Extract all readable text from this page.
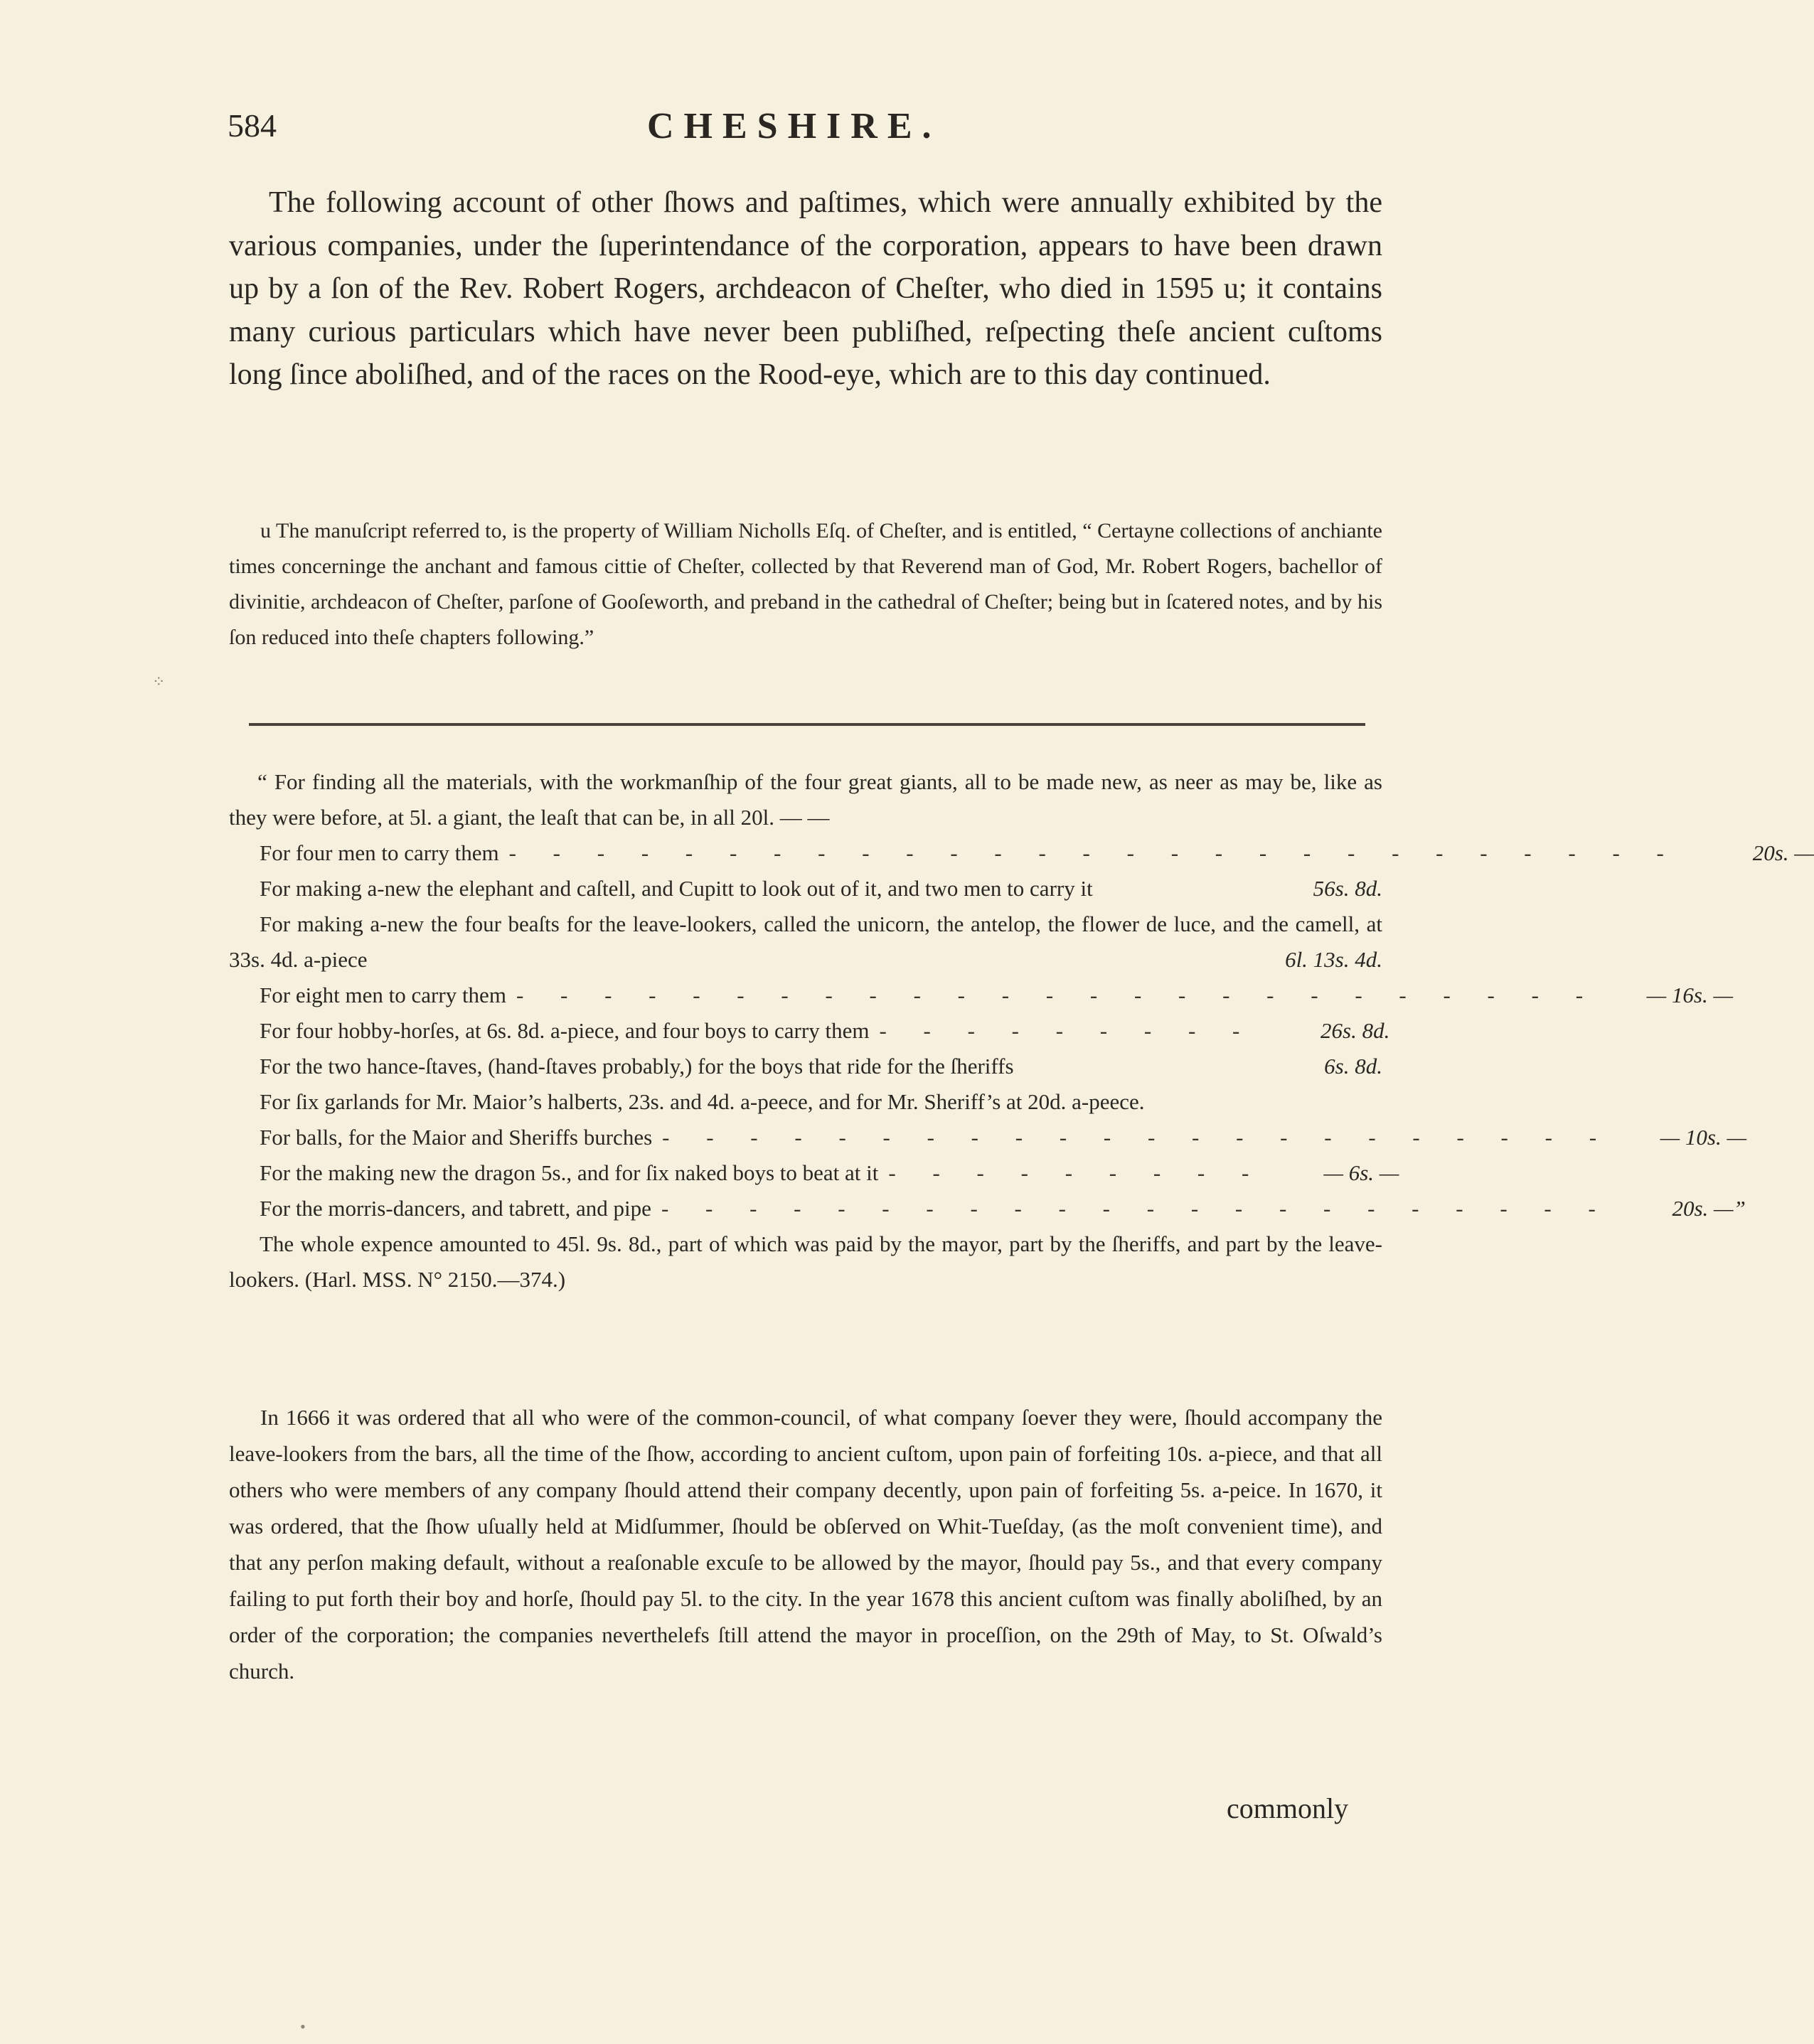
584	CHESHIRE.

The following account of other ſhows and paſtimes, which were annually exhibited by the various companies, under the ſuperintendance of the corporation, appears to have been drawn up by a ſon of the Rev. Robert Rogers, archdeacon of Cheſter, who died in 1595 u; it contains many curious particulars which have never been publiſhed, reſpecting theſe ancient cuſtoms long ſince aboliſhed, and of the races on the Rood-eye, which are to this day continued.

u The manuſcript referred to, is the property of William Nicholls Eſq. of Cheſter, and is entitled, “ Certayne collections of anchiante times concerninge the anchant and famous cittie of Cheſter, collected by that Reverend man of God, Mr. Robert Rogers, bachellor of divinitie, archdeacon of Cheſter, parſone of Gooſeworth, and preband in the cathedral of Cheſter; being but in ſcatered notes, and by his ſon reduced into theſe chapters following.”

“ For finding all the materials, with the workmanſhip of the four great giants, all to be made new, as neer as may be, like as they were before, at 5l. a giant, the leaſt that can be, in all 20l. — —

For four men to carry them - - - - - - - - - - - - - - - - - - - - - - - - - - -	20s. —
For making a-new the elephant and caſtell, and Cupitt to look out of it, and two men to carry it	56s. 8d.
For making a-new the four beaſts for the leave-lookers, called the unicorn, the antelop, the flower de luce, and the camell, at 33s. 4d. a-piece	6l. 13s. 4d.
For eight men to carry them - - - - - - - - - - - - - - - - - - - - - - - - -	— 16s. —
For four hobby-horſes, at 6s. 8d. a-piece, and four boys to carry them - - - - - - - - -	26s. 8d.
For the two hance-ſtaves, (hand-ſtaves probably,) for the boys that ride for the ſheriffs	6s. 8d.
For ſix garlands for Mr. Maior’s halberts, 23s. and 4d. a-peece, and for Mr. Sheriff’s at 20d. a-peece.
For balls, for the Maior and Sheriffs burches - - - - - - - - - - - - - - - - - - - - - -	— 10s. —
For the making new the dragon 5s., and for ſix naked boys to beat at it - - - - - - - - -	— 6s. —
For the morris-dancers, and tabrett, and pipe - - - - - - - - - - - - - - - - - - - - - -	20s. —”
The whole expence amounted to 45l. 9s. 8d., part of which was paid by the mayor, part by the ſheriffs, and part by the leave-lookers. (Harl. MSS. N° 2150.—374.)

In 1666 it was ordered that all who were of the common-council, of what company ſoever they were, ſhould accompany the leave-lookers from the bars, all the time of the ſhow, according to ancient cuſtom, upon pain of forfeiting 10s. a-piece, and that all others who were members of any company ſhould attend their company decently, upon pain of forfeiting 5s. a-peice. In 1670, it was ordered, that the ſhow uſually held at Midſummer, ſhould be obſerved on Whit-Tueſday, (as the moſt convenient time), and that any perſon making default, without a reaſonable excuſe to be allowed by the mayor, ſhould pay 5s., and that every company failing to put forth their boy and horſe, ſhould pay 5l. to the city. In the year 1678 this ancient cuſtom was finally aboliſhed, by an order of the corporation; the companies neverthelefs ſtill attend the mayor in proceſſion, on the 29th of May, to St. Oſwald’s church.

commonly
⁘
•
